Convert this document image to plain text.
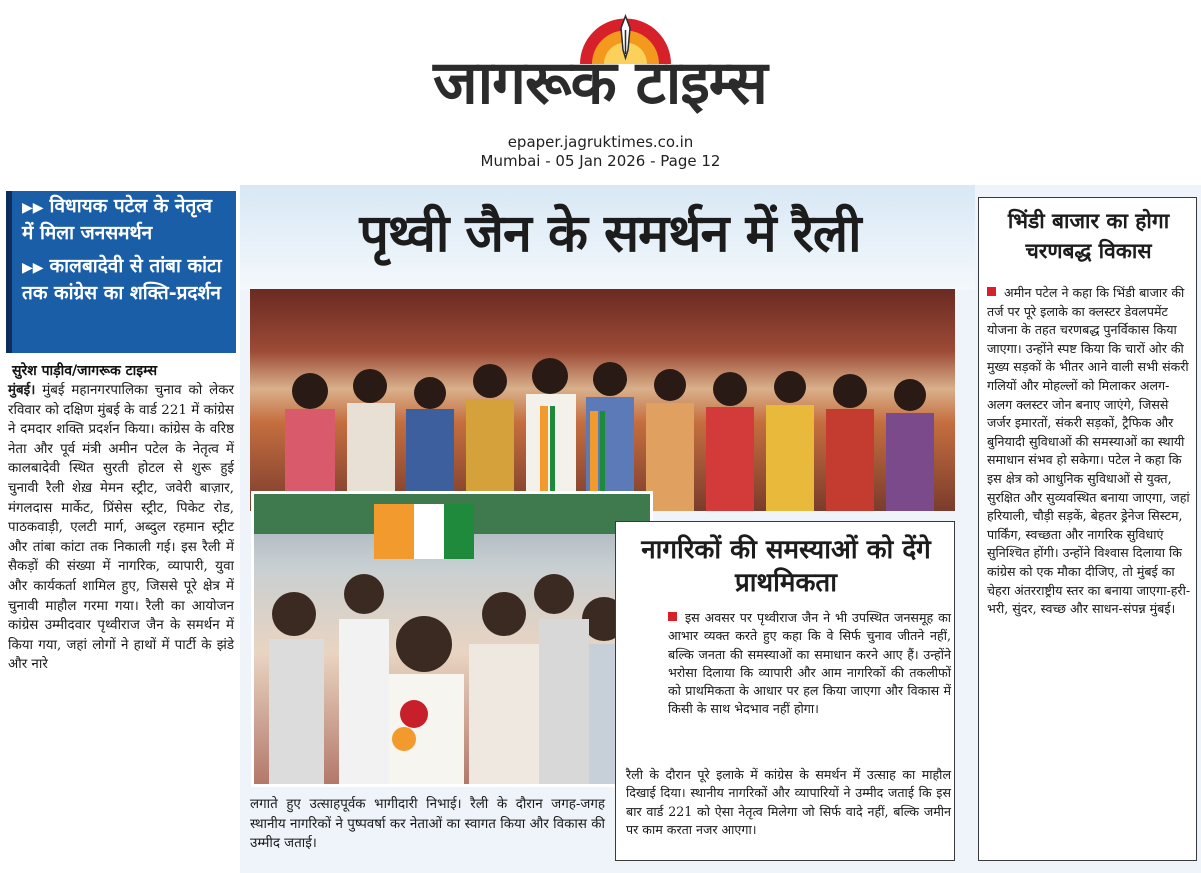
जागरूक टाइम्स
epaper.jagruktimes.co.in
Mumbai - 05 Jan 2026 - Page 12
▶▶ विधायक पटेल के नेतृत्व में मिला जनसमर्थन
▶▶ कालबादेवी से तांबा कांटा तक कांग्रेस का शक्ति-प्रदर्शन
सुरेश पाड़ीव/जागरूक टाइम्स
मुंबई। मुंबई महानगरपालिका चुनाव को लेकर रविवार को दक्षिण मुंबई के वार्ड 221 में कांग्रेस ने दमदार शक्ति प्रदर्शन किया। कांग्रेस के वरिष्ठ नेता और पूर्व मंत्री अमीन पटेल के नेतृत्व में कालबादेवी स्थित सुरती होटल से शुरू हुई चुनावी रैली शेख़ मेमन स्ट्रीट, जवेरी बाज़ार, मंगलदास मार्केट, प्रिंसेस स्ट्रीट, पिकेट रोड, पाठकवाड़ी, एलटी मार्ग, अब्दुल रहमान स्ट्रीट और तांबा कांटा तक निकाली गई। इस रैली में सैकड़ों की संख्या में नागरिक, व्यापारी, युवा और कार्यकर्ता शामिल हुए, जिससे पूरे क्षेत्र में चुनावी माहौल गरमा गया। रैली का आयोजन कांग्रेस उम्मीदवार पृथ्वीराज जैन के समर्थन में किया गया, जहां लोगों ने हाथों में पार्टी के झंडे और नारे
पृथ्वी जैन के समर्थन में रैली
लगाते हुए उत्साहपूर्वक भागीदारी निभाई। रैली के दौरान जगह-जगह स्थानीय नागरिकों ने पुष्पवर्षा कर नेताओं का स्वागत किया और विकास की उम्मीद जताई।
नागरिकों की समस्याओं को देंगे प्राथमिकता
इस अवसर पर पृथ्वीराज जैन ने भी उपस्थित जनसमूह का आभार व्यक्त करते हुए कहा कि वे सिर्फ चुनाव जीतने नहीं, बल्कि जनता की समस्याओं का समाधान करने आए हैं। उन्होंने भरोसा दिलाया कि व्यापारी और आम नागरिकों की तकलीफों को प्राथमिकता के आधार पर हल किया जाएगा और विकास में किसी के साथ भेदभाव नहीं होगा।
रैली के दौरान पूरे इलाके में कांग्रेस के समर्थन में उत्साह का माहौल दिखाई दिया। स्थानीय नागरिकों और व्यापारियों ने उम्मीद जताई कि इस बार वार्ड 221 को ऐसा नेतृत्व मिलेगा जो सिर्फ वादे नहीं, बल्कि जमीन पर काम करता नजर आएगा।
भिंडी बाजार का होगा चरणबद्ध विकास
अमीन पटेल ने कहा कि भिंडी बाजार की तर्ज पर पूरे इलाके का क्लस्टर डेवलपमेंट योजना के तहत चरणबद्ध पुनर्विकास किया जाएगा। उन्होंने स्पष्ट किया कि चारों ओर की मुख्य सड़कों के भीतर आने वाली सभी संकरी गलियों और मोहल्लों को मिलाकर अलग-अलग क्लस्टर जोन बनाए जाएंगे, जिससे जर्जर इमारतों, संकरी सड़कों, ट्रैफिक और बुनियादी सुविधाओं की समस्याओं का स्थायी समाधान संभव हो सकेगा। पटेल ने कहा कि इस क्षेत्र को आधुनिक सुविधाओं से युक्त, सुरक्षित और सुव्यवस्थित बनाया जाएगा, जहां हरियाली, चौड़ी सड़कें, बेहतर ड्रेनेज सिस्टम, पार्किंग, स्वच्छता और नागरिक सुविधाएं सुनिश्चित होंगी। उन्होंने विश्वास दिलाया कि कांग्रेस को एक मौका दीजिए, तो मुंबई का चेहरा अंतरराष्ट्रीय स्तर का बनाया जाएगा-हरी-भरी, सुंदर, स्वच्छ और साधन-संपन्न मुंबई।
